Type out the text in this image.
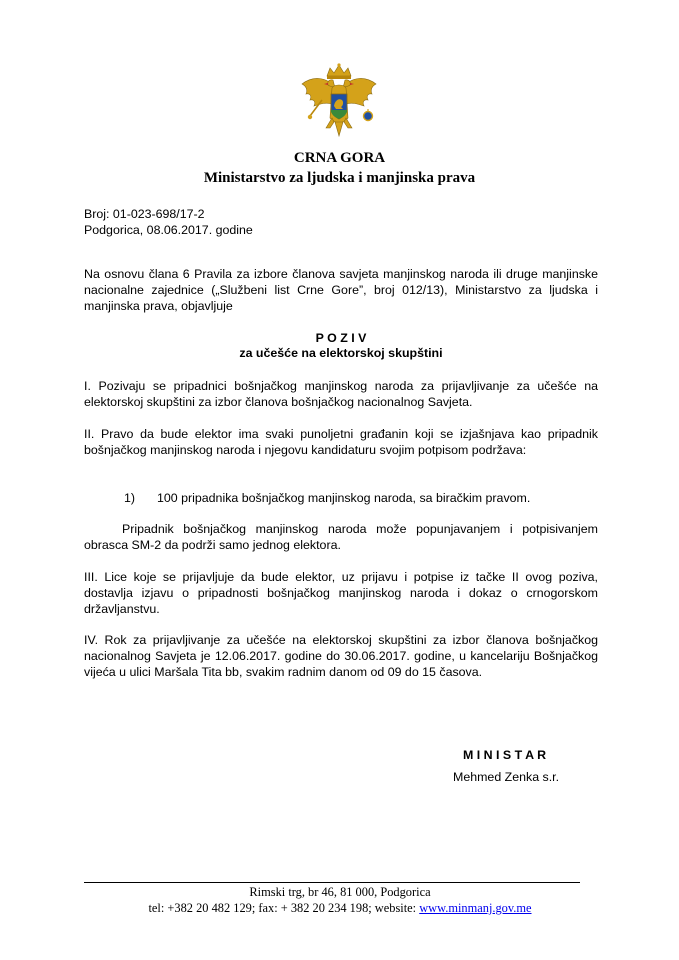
CRNA GORA
Ministarstvo za ljudska i manjinska prava
Broj: 01-023-698/17-2
Podgorica, 08.06.2017. godine
Na osnovu člana 6 Pravila za izbore članova savjeta manjinskog naroda ili druge manjinske nacionalne zajednice („Službeni list Crne Gore”, broj 012/13), Ministarstvo za ljudska i manjinska prava, objavljuje
P O Z I V
za učešće na elektorskoj skupštini
I. Pozivaju se pripadnici bošnjačkog manjinskog naroda za prijavljivanje za učešće na elektorskoj skupštini za izbor članova bošnjačkog nacionalnog Savjeta.
II. Pravo da bude elektor ima svaki punoljetni građanin koji se izjašnjava kao pripadnik bošnjačkog manjinskog naroda i njegovu kandidaturu svojim potpisom podržava:
1)	100 pripadnika bošnjačkog manjinskog naroda, sa biračkim pravom.
Pripadnik bošnjačkog manjinskog naroda može popunjavanjem i potpisivanjem obrasca SM-2 da podrži samo jednog elektora.
III. Lice koje se prijavljuje da bude elektor, uz prijavu i potpise iz tačke II ovog poziva, dostavlja izjavu o pripadnosti bošnjačkog manjinskog naroda i dokaz o crnogorskom državljanstvu.
IV. Rok za prijavljivanje za učešće na elektorskoj skupštini za izbor članova bošnjačkog nacionalnog Savjeta je 12.06.2017. godine do 30.06.2017. godine, u kancelariju Bošnjačkog vijeća u ulici Maršala Tita bb, svakim radnim danom od 09 do 15 časova.
M I N I S T A R
Mehmed Zenka s.r.
Rimski trg, br 46, 81 000, Podgorica
tel: +382 20 482 129; fax: + 382 20 234 198; website: www.minmanj.gov.me
